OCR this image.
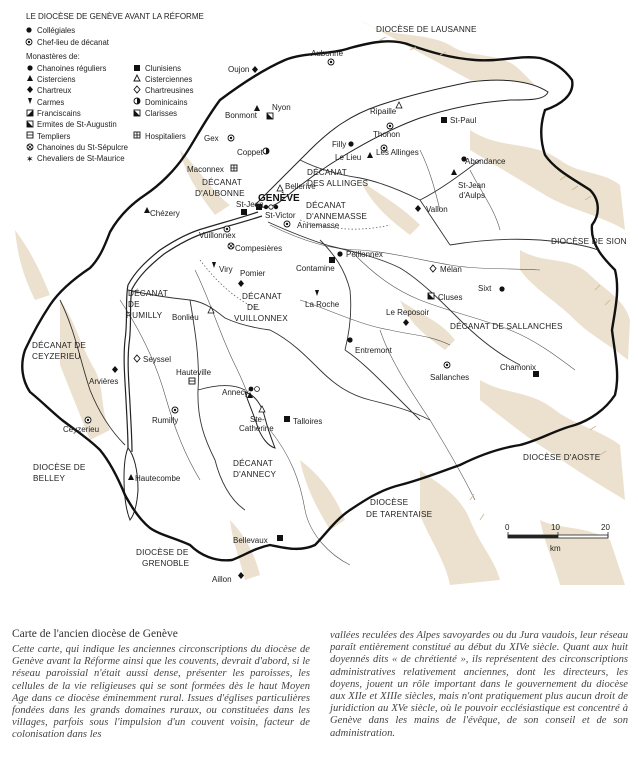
0	10	20
km
LE DIOCÈSE DE GENÈVE AVANT LA RÉFORME
Collégiales
Chef-lieu de décanat
Monastères de:
Chanoines réguliers
Cisterciens
Chartreux
Carmes
Franciscains
Ermites de St-Augustin
Templiers
Chanoines du St-Sépulcre
✶ Chevaliers de St-Maurice
Clunisiens
Cisterciennes
Chartreusines
Dominicains
Clarisses
Hospitaliers
DIOCÈSE DE LAUSANNE
DIOCÈSE DE SION
DIOCÈSE D'AOSTE
DIOCÈSE
DE TARENTAISE
DIOCÈSE DE
GRENOBLE
DIOCÈSE DE
BELLEY
DÉCANAT
D'AUBONNE
DÉCANAT
DES ALLINGES
DÉCANAT
D'ANNEMASSE
DÉCANAT
DE
RUMILLY
DÉCANAT
DE
VUILLONNEX
DÉCANAT DE
CEYZERIEU
DÉCANAT DE SALLANCHES
DÉCANAT
D'ANNECY
GENÈVE
Aubonne
Oujon
Bonmont
Nyon
Gex
Coppet
Maconnex
Ripaille
Thonon
St-Paul
Filly
Le Lieu
Les Allinges
Abondance
St-Jean
d'Aulps
Vallon
Bellerive
Chézery
St-Jean
St-Victor
Annemasse
Vuillonnex
Compesières
Peillonnex
Contamine
Viry Pomier
La Roche
Mélan
Cluses
Sixt
Bonlieu
Le Reposoir
Entremont
Seyssel
Arvières
Hauteville
Sallanches
Chamonix
Annecy
Rumilly	Ste-
Catherine
Talloires
Ceyzerieu
Hautecombe
Bellevaux
Aillon
Carte de l'ancien diocèse de Genève
Cette carte, qui indique les anciennes circonscriptions du diocèse de Genève avant la Réforme ainsi que les couvents, devrait d'abord, si le réseau paroissial n'était aussi dense, présenter les paroisses, les cellules de la vie religieuses qui se sont formées dès le haut Moyen Age dans ce diocèse éminemment rural. Issues d'églises particulières fondées dans les grands domaines ruraux, ou constituées dans les villages, parfois sous l'impulsion d'un couvent voisin, facteur de colonisation dans les
vallées reculées des Alpes savoyardes ou du Jura vaudois, leur réseau paraît entièrement constitué au début du XIVe siècle. Quant aux huit doyennés dits « de chrétienté », ils représentent des circonscriptions administratives relativement anciennes, dont les directeurs, les doyens, jouent un rôle important dans le gouvernement du diocèse aux XIIe et XIIIe siècles, mais n'ont pratiquement plus aucun droit de juridiction au XVe siècle, où le pouvoir ecclésiastique est concentré à Genève dans les mains de l'évêque, de son conseil et de son administration.
